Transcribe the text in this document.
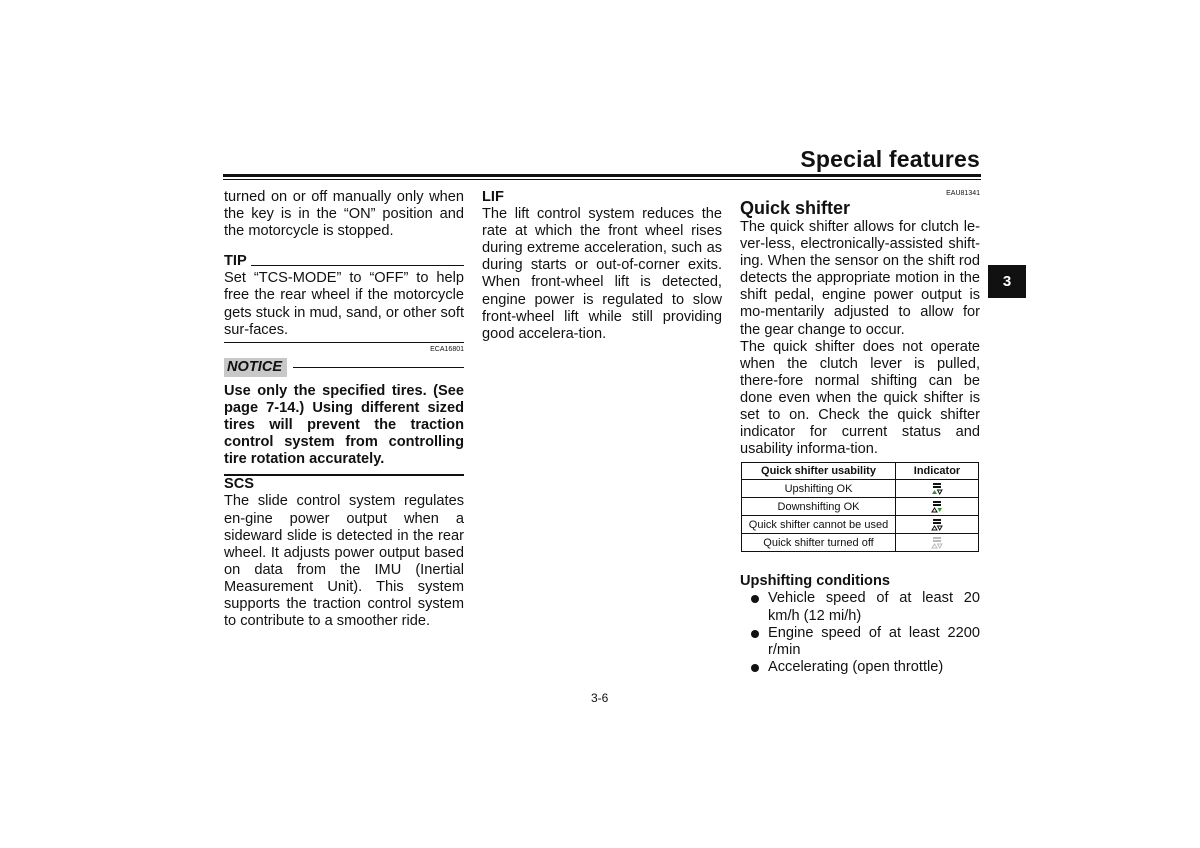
Special features
3

turned on or off manually only when the key is in the “ON” position and the motorcycle is stopped.

TIP

Set “TCS-MODE” to “OFF” to help free the rear wheel if the motorcycle gets stuck in mud, sand, or other soft sur-faces.

ECA16801
NOTICE

Use only the specified tires. (See page 7-14.) Using different sized tires will prevent the traction control system from controlling tire rotation accurately.

SCS

The slide control system regulates en-gine power output when a sideward slide is detected in the rear wheel. It adjusts power output based on data from the IMU (Inertial Measurement Unit). This system supports the traction control system to contribute to a smoother ride.

LIF

The lift control system reduces the rate at which the front wheel rises during extreme acceleration, such as during starts or out-of-corner exits. When front-wheel lift is detected, engine power is regulated to slow front-wheel lift while still providing good accelera-tion.

EAU81341

Quick shifter

The quick shifter allows for clutch le-ver-less, electronically-assisted shift-ing. When the sensor on the shift rod detects the appropriate motion in the shift pedal, engine power output is mo-mentarily adjusted to allow for the gear change to occur.

The quick shifter does not operate when the clutch lever is pulled, there-fore normal shifting can be done even when the quick shifter is set to on. Check the quick shifter indicator for current status and usability informa-tion.

Quick shifter usability	Indicator
Upshifting OK	
Downshifting OK	
Quick shifter cannot be used	
Quick shifter turned off	

Upshifting conditions

Vehicle speed of at least 20 km/h (12 mi/h)
Engine speed of at least 2200 r/min
Accelerating (open throttle)
3-6
